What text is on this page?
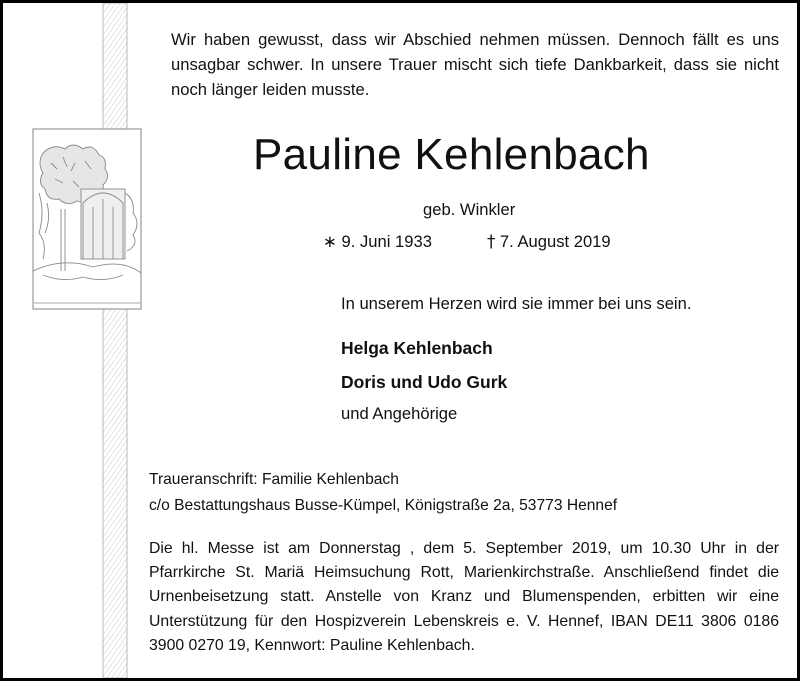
Wir haben gewusst, dass wir Abschied nehmen müssen. Dennoch fällt es uns unsagbar schwer. In unsere Trauer mischt sich tiefe Dankbarkeit, dass sie nicht noch länger leiden musste.
Pauline Kehlenbach
geb. Winkler
∗ 9. Juni 1933	† 7. August 2019
In unserem Herzen wird sie immer bei uns sein.
Helga Kehlenbach
Doris und Udo Gurk
und Angehörige
Traueranschrift: Familie Kehlenbach
c/o Bestattungshaus Busse-Kümpel, Königstraße 2a, 53773 Hennef
Die hl. Messe ist am Donnerstag , dem 5. September 2019, um 10.30 Uhr in der Pfarrkirche St. Mariä Heimsuchung Rott, Marienkirchstraße. Anschließend findet die Urnenbeisetzung statt. Anstelle von Kranz und Blumenspenden, erbitten wir eine Unterstützung für den Hospizverein Lebenskreis e. V. Hennef, IBAN DE11 3806 0186 3900 0270 19, Kennwort: Pauline Kehlenbach.
